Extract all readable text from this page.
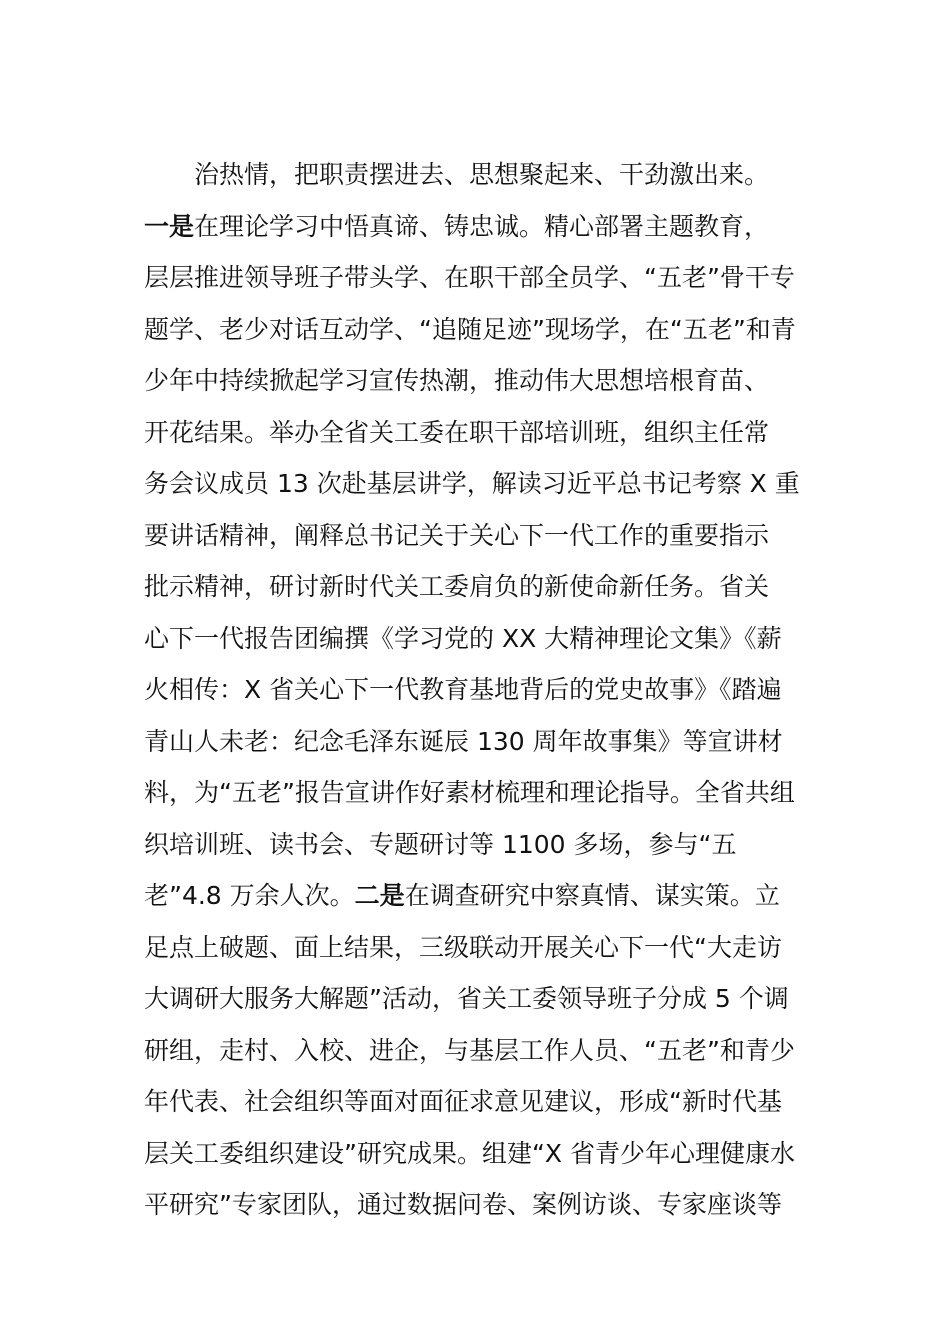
治热情，把职责摆进去、思想聚起来、干劲激出来。
一是在理论学习中悟真谛、铸忠诚。精心部署主题教育，
层层推进领导班子带头学、在职干部全员学、“五老”骨干专
题学、老少对话互动学、“追随足迹”现场学，在“五老”和青
少年中持续掀起学习宣传热潮，推动伟大思想培根育苗、
开花结果。举办全省关工委在职干部培训班，组织主任常
务会议成员 13 次赴基层讲学，解读习近平总书记考察 X 重
要讲话精神，阐释总书记关于关心下一代工作的重要指示
批示精神，研讨新时代关工委肩负的新使命新任务。省关
心下一代报告团编撰《学习党的 XX 大精神理论文集》《薪
火相传：X 省关心下一代教育基地背后的党史故事》《踏遍
青山人未老：纪念毛泽东诞辰 130 周年故事集》等宣讲材
料，为“五老”报告宣讲作好素材梳理和理论指导。全省共组
织培训班、读书会、专题研讨等 1100 多场，参与“五
老”4.8 万余人次。二是在调查研究中察真情、谋实策。立
足点上破题、面上结果，三级联动开展关心下一代“大走访
大调研大服务大解题”活动，省关工委领导班子分成 5 个调
研组，走村、入校、进企，与基层工作人员、“五老”和青少
年代表、社会组织等面对面征求意见建议，形成“新时代基
层关工委组织建设”研究成果。组建“X 省青少年心理健康水
平研究”专家团队，通过数据问卷、案例访谈、专家座谈等
